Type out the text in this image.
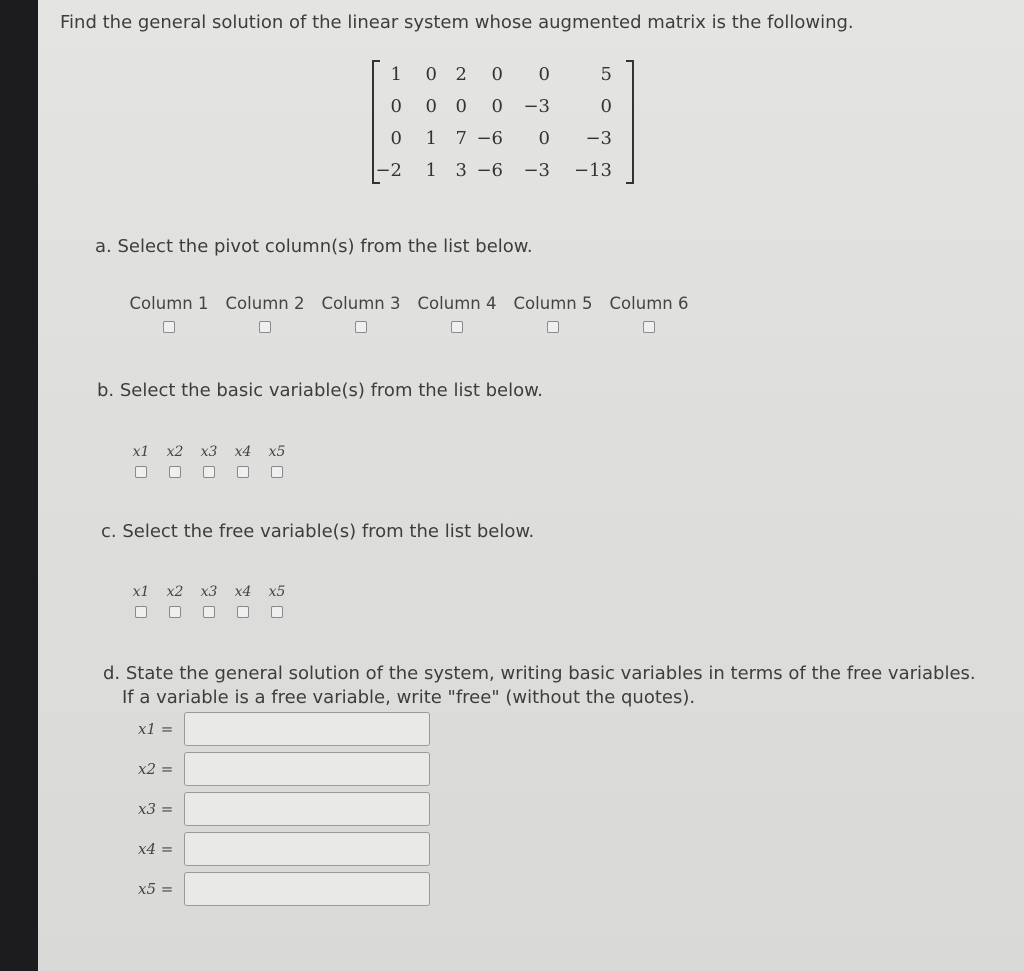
Find the general solution of the linear system whose augmented matrix is the following.
1 0 2 0 0	5
0 0 0 0 −3	0
0 1 7 −6 0 −3
−2 1 3 −6 −3 −13
a. Select the pivot column(s) from the list below.
Column 1 Column 2 Column 3 Column 4 Column 5 Column 6
b. Select the basic variable(s) from the list below.
x1 x2 x3 x4 x5
c. Select the free variable(s) from the list below.
x1 x2 x3 x4 x5
d. State the general solution of the system, writing basic variables in terms of the free variables.
If a variable is a free variable, write "free" (without the quotes).
x1 =
x2 =
x3 =
x4 =
x5 =
